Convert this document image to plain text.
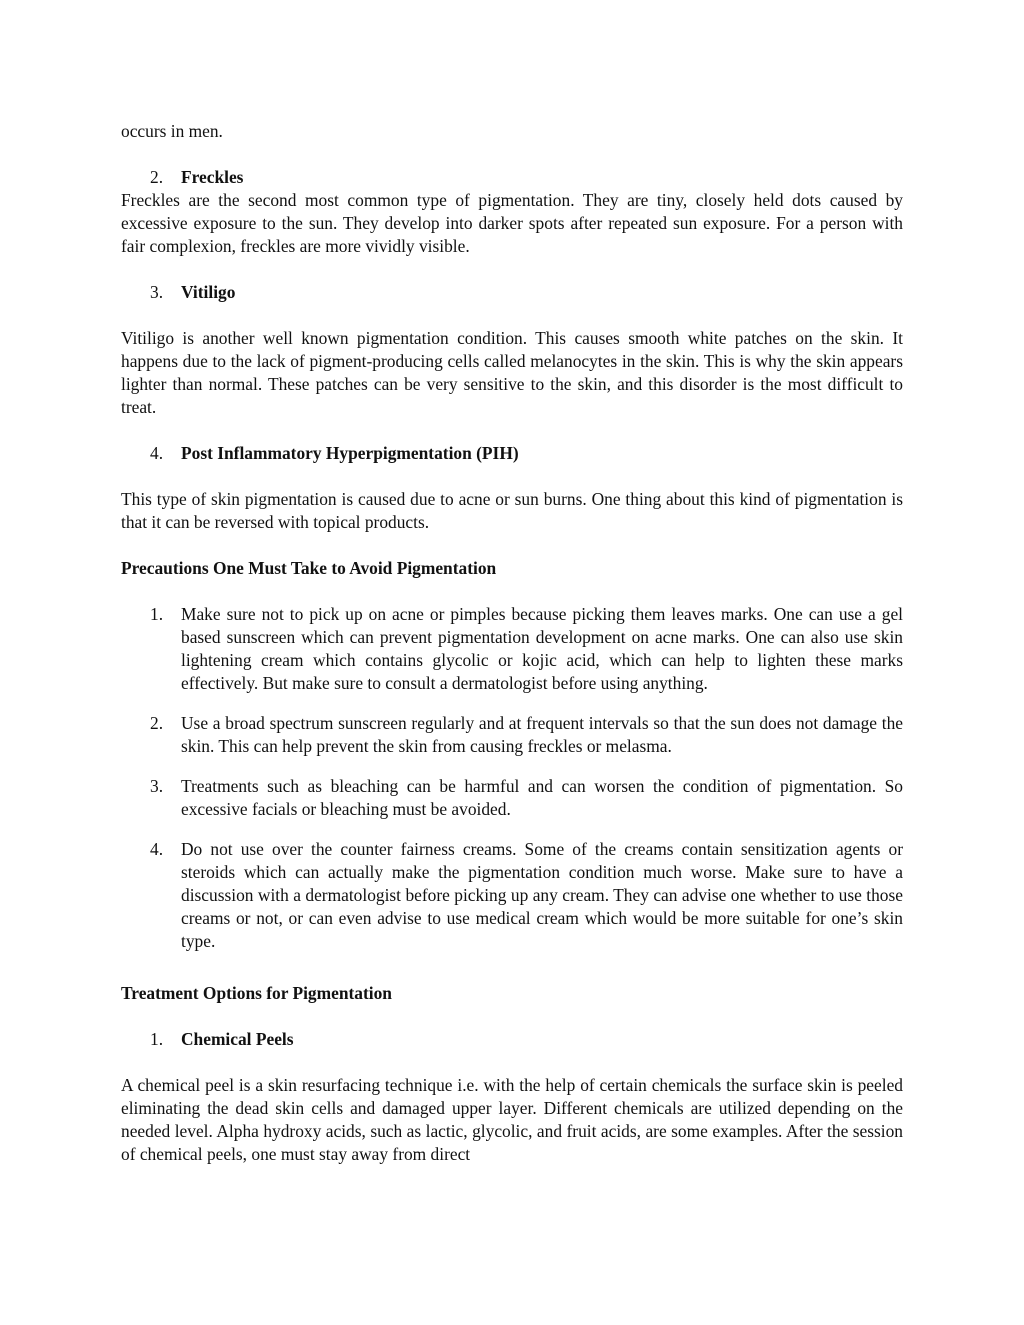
occurs in men.

2. Freckles

Freckles are the second most common type of pigmentation. They are tiny, closely held dots caused by excessive exposure to the sun. They develop into darker spots after repeated sun exposure. For a person with fair complexion, freckles are more vividly visible.

3. Vitiligo

Vitiligo is another well known pigmentation condition. This causes smooth white patches on the skin. It happens due to the lack of pigment-producing cells called melanocytes in the skin. This is why the skin appears lighter than normal. These patches can be very sensitive to the skin, and this disorder is the most difficult to treat.

4. Post Inflammatory Hyperpigmentation (PIH)

This type of skin pigmentation is caused due to acne or sun burns. One thing about this kind of pigmentation is that it can be reversed with topical products.

Precautions One Must Take to Avoid Pigmentation
1. Make sure not to pick up on acne or pimples because picking them leaves marks. One can use a gel based sunscreen which can prevent pigmentation development on acne marks. One can also use skin lightening cream which contains glycolic or kojic acid, which can help to lighten these marks effectively. But make sure to consult a dermatologist before using anything.
2. Use a broad spectrum sunscreen regularly and at frequent intervals so that the sun does not damage the skin. This can help prevent the skin from causing freckles or melasma.
3. Treatments such as bleaching can be harmful and can worsen the condition of pigmentation. So excessive facials or bleaching must be avoided.
4. Do not use over the counter fairness creams. Some of the creams contain sensitization agents or steroids which can actually make the pigmentation condition much worse. Make sure to have a discussion with a dermatologist before picking up any cream. They can advise one whether to use those creams or not, or can even advise to use medical cream which would be more suitable for one’s skin type.
Treatment Options for Pigmentation
1. Chemical Peels

A chemical peel is a skin resurfacing technique i.e. with the help of certain chemicals the surface skin is peeled eliminating the dead skin cells and damaged upper layer. Different chemicals are utilized depending on the needed level. Alpha hydroxy acids, such as lactic, glycolic, and fruit acids, are some examples. After the session of chemical peels, one must stay away from direct
